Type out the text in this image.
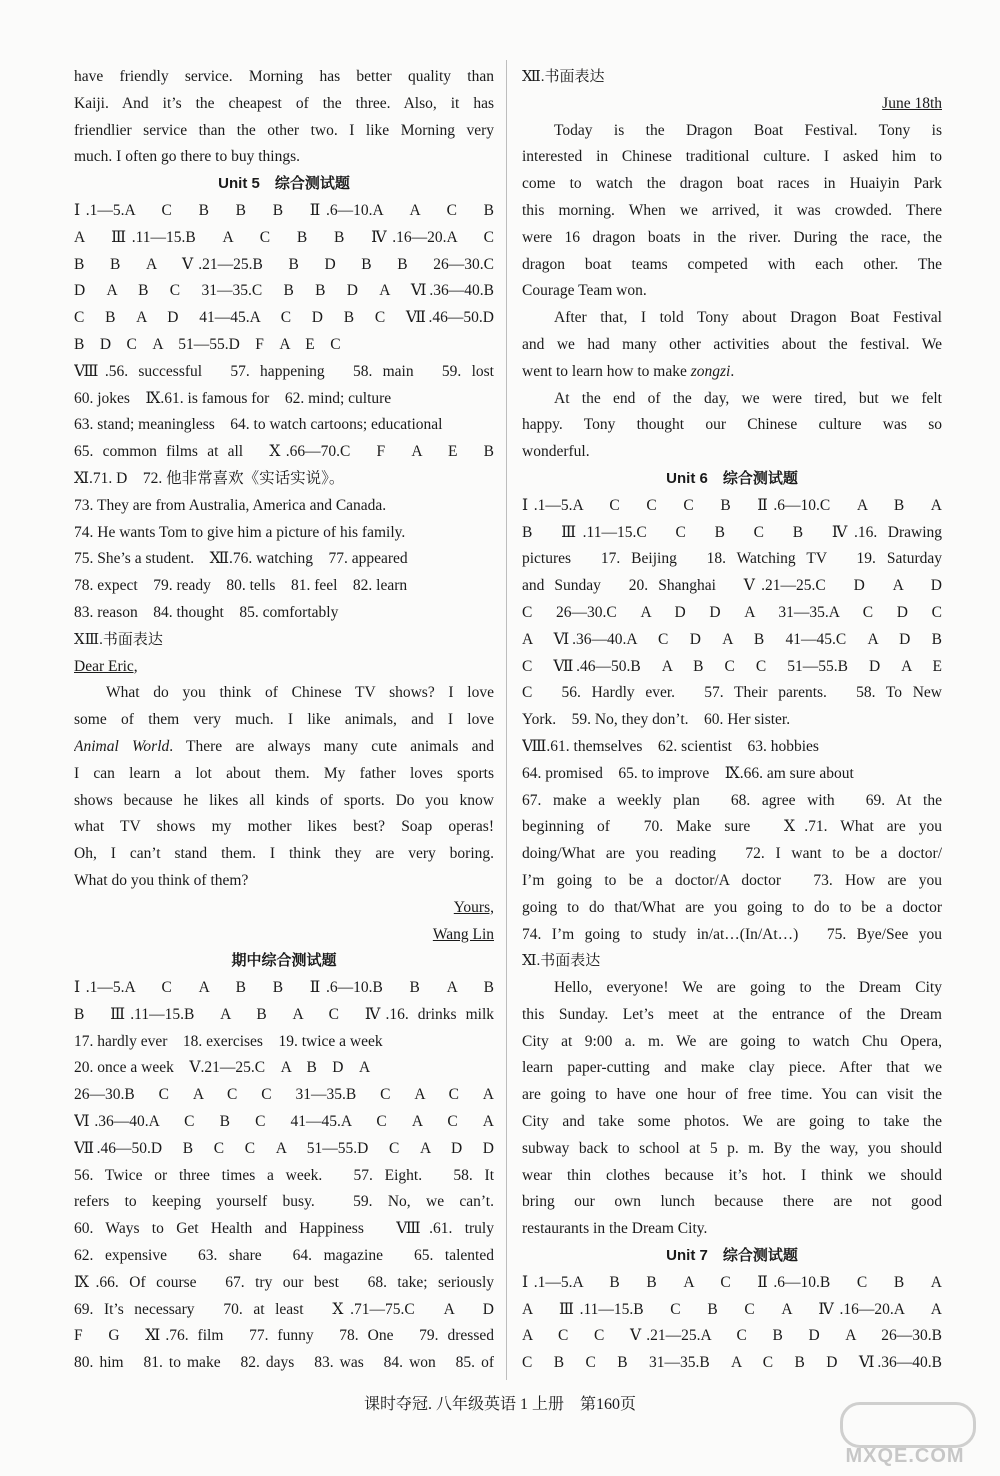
have friendly service. Morning has better quality than
Kaiji. And it’s the cheapest of the three. Also, it has
friendlier service than the other two. I like Morning very
much. I often go there to buy things.
Unit 5　综合测试题
Ⅰ.1—5.A　C　B　B　B　Ⅱ.6—10.A　A　C　B
A　Ⅲ.11—15.B　A　C　B　B　Ⅳ.16—20.A　C
B　B　A　Ⅴ.21—25.B　B　D　B　B　26—30.C
D　A　B　C　31—35.C　B　B　D　A　Ⅵ.36—40.B
C　B　A　D　41—45.A　C　D　B　C　Ⅶ.46—50.D
B　D　C　A　51—55.D　F　A　E　C
Ⅷ.56. successful　57. happening　58. main　59. lost
60. jokes　Ⅸ.61. is famous for　62. mind; culture
63. stand; meaningless　64. to watch cartoons; educational
65. common films at all　Ⅹ.66—70.C　F　A　E　B
Ⅺ.71. D　72. 他非常喜欢《实话实说》。
73. They are from Australia, America and Canada.
74. He wants Tom to give him a picture of his family.
75. She’s a student.　Ⅻ.76. watching　77. appeared
78. expect　79. ready　80. tells　81. feel　82. learn
83. reason　84. thought　85. comfortably
ⅩⅢ.书面表达
Dear Eric,
What do you think of Chinese TV shows? I love
some of them very much. I like animals, and I love
Animal World. There are always many cute animals and
I can learn a lot about them. My father loves sports
shows because he likes all kinds of sports. Do you know
what TV shows my mother likes best? Soap operas!
Oh, I can’t stand them. I think they are very boring.
What do you think of them?
Yours,
Wang Lin
期中综合测试题
Ⅰ.1—5.A　C　A　B　B　Ⅱ.6—10.B　B　A　B
B　Ⅲ.11—15.B　A　B　A　C　Ⅳ.16. drinks milk
17. hardly ever　18. exercises　19. twice a week
20. once a week　Ⅴ.21—25.C　A　B　D　A
26—30.B　C　A　C　C　31—35.B　C　A　C　A
Ⅵ.36—40.A　C　B　C　41—45.A　C　A　C　A
Ⅶ.46—50.D　B　C　C　A　51—55.D　C　A　D　D
56. Twice or three times a week.　57. Eight.　58. It
refers to keeping yourself busy.　59. No, we can’t.
60. Ways to Get Health and Happiness　Ⅷ.61. truly
62. expensive　63. share　64. magazine　65. talented
Ⅸ.66. Of course　67. try our best　68. take; seriously
69. It’s necessary　70. at least　Ⅹ.71—75.C　A　D
F　G　Ⅺ.76. film　77. funny　78. One　79. dressed
80. him　81. to make　82. days　83. was　84. won　85. of
Ⅻ.书面表达
June 18th
Today is the Dragon Boat Festival. Tony is
interested in Chinese traditional culture. I asked him to
come to watch the dragon boat races in Huaiyin Park
this morning. When we arrived, it was crowded. There
were 16 dragon boats in the river. During the race, the
dragon boat teams competed with each other. The
Courage Team won.
After that, I told Tony about Dragon Boat Festival
and we had many other activities about the festival. We
went to learn how to make zongzi.
At the end of the day, we were tired, but we felt
happy. Tony thought our Chinese culture was so
wonderful.
Unit 6　综合测试题
Ⅰ.1—5.A　C　C　C　B　Ⅱ.6—10.C　A　B　A
B　Ⅲ.11—15.C　C　B　C　B　Ⅳ.16. Drawing
pictures　17. Beijing　18. Watching TV　19. Saturday
and Sunday　20. Shanghai　Ⅴ.21—25.C　D　A　D
C　26—30.C　A　D　D　A　31—35.A　C　D　C
A　Ⅵ.36—40.A　C　D　A　B　41—45.C　A　D　B
C　Ⅶ.46—50.B　A　B　C　C　51—55.B　D　A　E
C　56. Hardly ever.　57. Their parents.　58. To New
York.　59. No, they don’t.　60. Her sister.
Ⅷ.61. themselves　62. scientist　63. hobbies
64. promised　65. to improve　Ⅸ.66. am sure about
67. make a weekly plan　68. agree with　69. At the
beginning of　70. Make sure　Ⅹ.71. What are you
doing/What are you reading　72. I want to be a doctor/
I’m going to be a doctor/A doctor　73. How are you
going to do that/What are you going to do to be a doctor
74. I’m going to study in/at…(In/At…)　75. Bye/See you
Ⅺ.书面表达
Hello, everyone! We are going to the Dream City
this Sunday. Let’s meet at the entrance of the Dream
City at 9:00 a. m. We are going to watch Chu Opera,
learn paper-cutting and make clay piece. After that we
are going to have one hour of free time. You can visit the
City and take some photos. We are going to take the
subway back to school at 5 p. m. By the way, you should
wear thin clothes because it’s hot. I think we should
bring our own lunch because there are not good
restaurants in the Dream City.
Unit 7　综合测试题
Ⅰ.1—5.A　B　B　A　C　Ⅱ.6—10.B　C　B　A
A　Ⅲ.11—15.B　C　B　C　A　Ⅳ.16—20.A　A
A　C　C　Ⅴ.21—25.A　C　B　D　A　26—30.B
C　B　C　B　31—35.B　A　C　B　D　Ⅵ.36—40.B
课时夺冠. 八年级英语 1 上册　第160页
MXQE.COM
